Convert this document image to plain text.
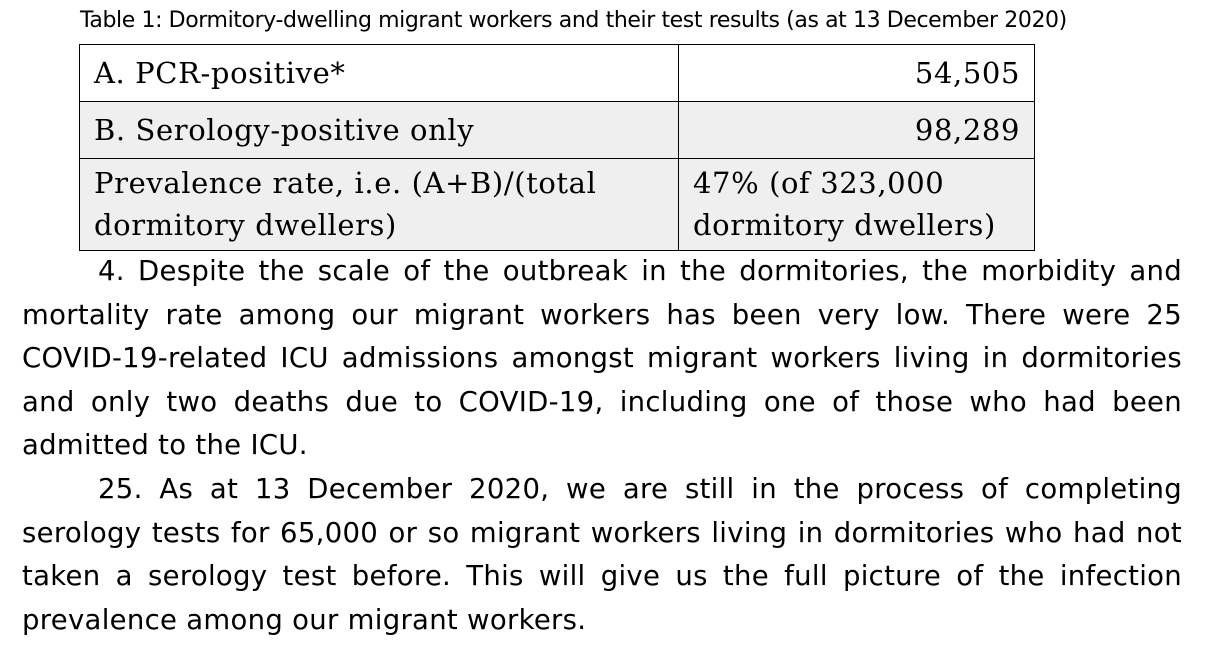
Table 1: Dormitory-dwelling migrant workers and their test results (as at 13 December 2020)
A. PCR-positive*	54,505
B. Serology-positive only	98,289
Prevalence rate, i.e. (A+B)/(total dormitory dwellers)	47% (of 323,000 dormitory dwellers)

4. Despite the scale of the outbreak in the dormitories, the morbidity and mortality rate among our migrant workers has been very low. There were 25 COVID-19-related ICU admissions amongst migrant workers living in dormitories and only two deaths due to COVID-19, including one of those who had been admitted to the ICU.

25. As at 13 December 2020, we are still in the process of completing serology tests for 65,000 or so migrant workers living in dormitories who had not taken a serology test before. This will give us the full picture of the infection prevalence among our migrant workers.
